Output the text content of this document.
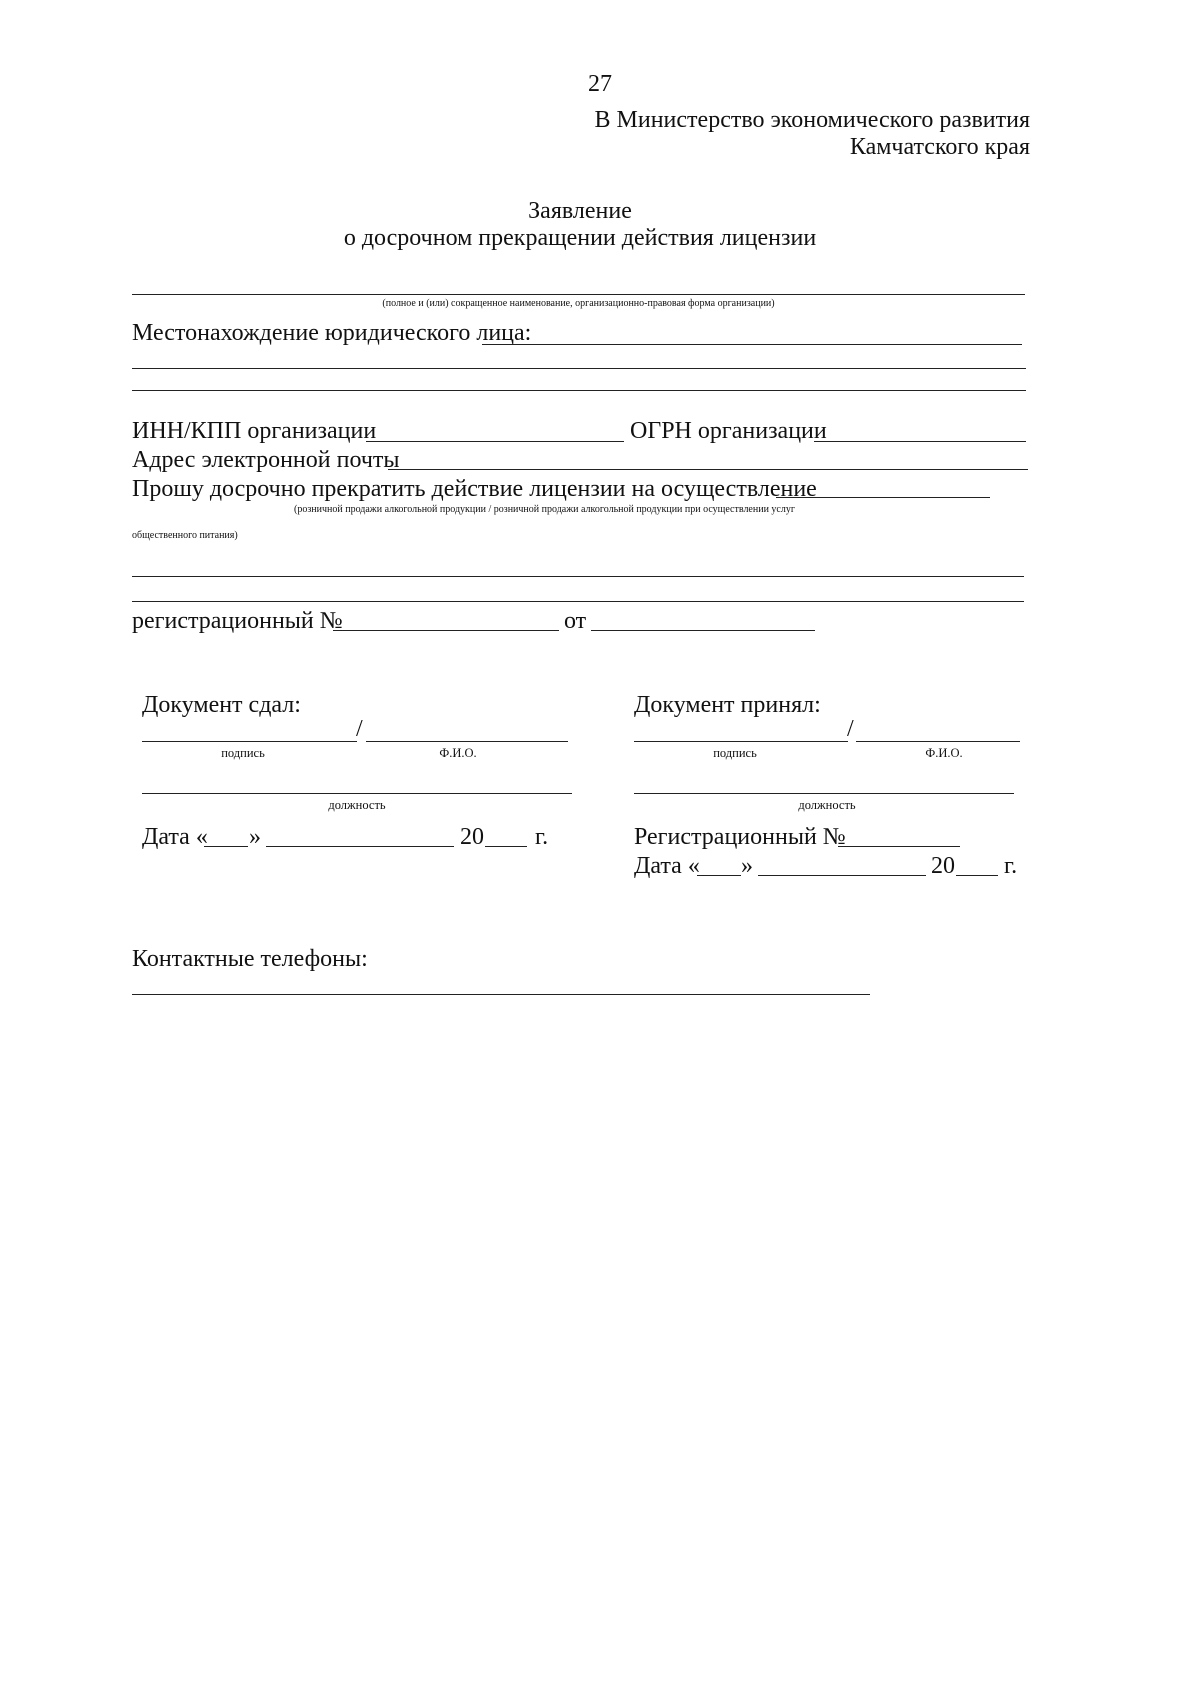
27
В Министерство экономического развития
Камчатского края
Заявление
о досрочном прекращении действия лицензии
(полное и (или) сокращенное наименование, организационно-правовая форма организации)
Местонахождение юридического лица:
ИНН/КПП организации	ОГРН организации
Адрес электронной почты
Прошу досрочно прекратить действие лицензии на осуществление
(розничной продажи алкогольной продукции / розничной продажи алкогольной продукции при осуществлении услуг
общественного питания)
регистрационный №	от
Документ сдал:
/
подпись	Ф.И.О.
должность
Дата « »	20 г.
Документ принял:
/
подпись	Ф.И.О.
должность
Регистрационный №
Дата « »	20 г.
Контактные телефоны:
